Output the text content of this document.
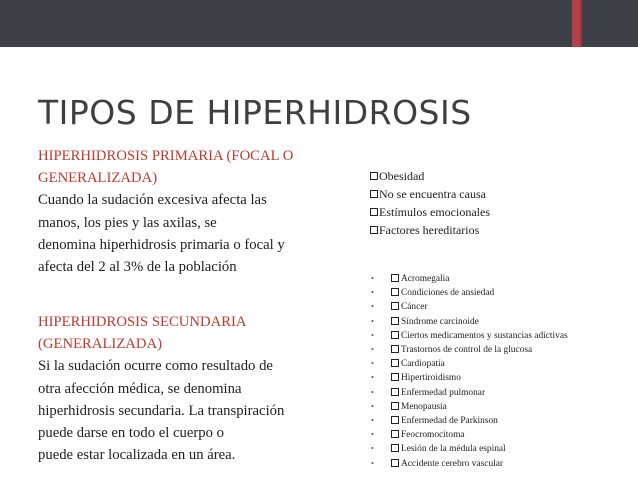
TIPOS DE HIPERHIDROSIS
HIPERHIDROSIS PRIMARIA (FOCAL O
GENERALIZADA)
Cuando la sudación excesiva afecta las
manos, los pies y las axilas, se
denomina hiperhidrosis primaria o focal y
afecta del 2 al 3% de la población
HIPERHIDROSIS SECUNDARIA
(GENERALIZADA)
Si la sudación ocurre como resultado de
otra afección médica, se denomina
hiperhidrosis secundaria. La transpiración
puede darse en todo el cuerpo o
puede estar localizada en un área.
Obesidad
No se encuentra causa
Estímulos emocionales
Factores hereditarios
•	Acromegalia
•	Condiciones de ansiedad
•	Cáncer
•	Síndrome carcinoide
•	Ciertos medicamentos y sustancias adictivas
•	Trastornos de control de la glucosa
•	Cardiopatía
•	Hipertiroidismo
•	Enfermedad pulmonar
•	Menopausia
•	Enfermedad de Parkinson
•	Feocromocitoma
•	Lesión de la médula espinal
•	Accidente cerebro vascular
